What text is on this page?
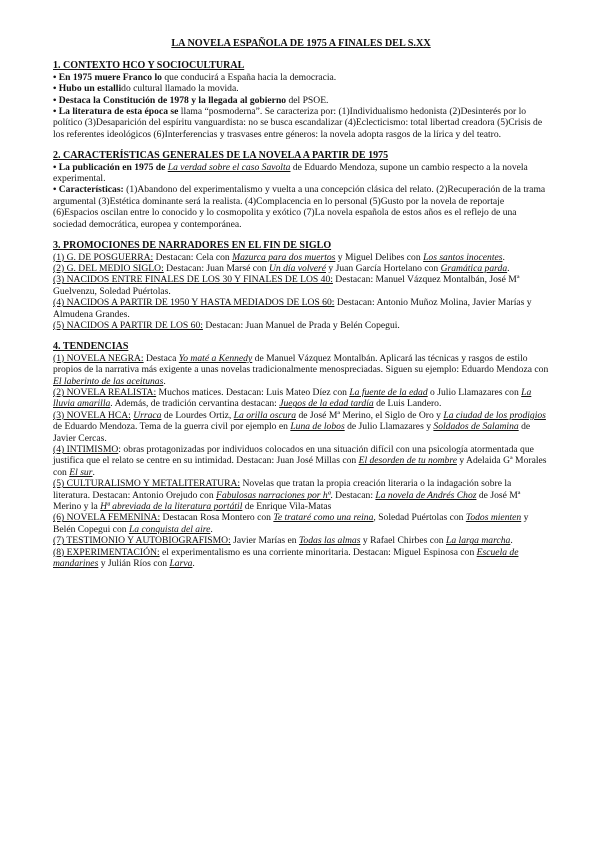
LA NOVELA ESPAÑOLA DE 1975 A FINALES DEL S.XX

1. CONTEXTO HCO Y SOCIOCULTURAL

• En 1975 muere Franco lo que conducirá a España hacia la democracia.

• Hubo un estallido cultural llamado la movida.

• Destaca la Constitución de 1978 y la llegada al gobierno del PSOE.

• La literatura de esta época se llama “posmoderna”. Se caracteriza por: (1)Individualismo hedonista (2)Desinterés por lo político (3)Desaparición del espíritu vanguardista: no se busca escandalizar (4)Eclecticismo: total libertad creadora (5)Crisis de los referentes ideológicos (6)Interferencias y trasvases entre géneros: la novela adopta rasgos de la lírica y del teatro.

2. CARACTERÍSTICAS GENERALES DE LA NOVELA A PARTIR DE 1975

• La publicación en 1975 de La verdad sobre el caso Savolta de Eduardo Mendoza, supone un cambio respecto a la novela experimental.

• Características: (1)Abandono del experimentalismo y vuelta a una concepción clásica del relato. (2)Recuperación de la trama argumental (3)Estética dominante será la realista. (4)Complacencia en lo personal (5)Gusto por la novela de reportaje (6)Espacios oscilan entre lo conocido y lo cosmopolita y exótico (7)La novela española de estos años es el reflejo de una sociedad democrática, europea y contemporánea.

3. PROMOCIONES DE NARRADORES EN EL FIN DE SIGLO

(1) G. DE POSGUERRA: Destacan: Cela con Mazurca para dos muertos y Miguel Delibes con Los santos inocentes.

(2) G. DEL MEDIO SIGLO: Destacan: Juan Marsé con Un día volveré y Juan García Hortelano con Gramática parda.

(3) NACIDOS ENTRE FINALES DE LOS 30 Y FINALES DE LOS 40: Destacan: Manuel Vázquez Montalbán, José Mª Guelvenzu, Soledad Puértolas.

(4) NACIDOS A PARTIR DE 1950 Y HASTA MEDIADOS DE LOS 60: Destacan: Antonio Muñoz Molina, Javier Marías y Almudena Grandes.

(5) NACIDOS A PARTIR DE LOS 60: Destacan: Juan Manuel de Prada y Belén Copegui.

4. TENDENCIAS

(1) NOVELA NEGRA: Destaca Yo maté a Kennedy de Manuel Vázquez Montalbán. Aplicará las técnicas y rasgos de estilo propios de la narrativa más exigente a unas novelas tradicionalmente menospreciadas. Siguen su ejemplo: Eduardo Mendoza con El laberinto de las aceitunas.

(2) NOVELA REALISTA: Muchos matices. Destacan: Luis Mateo Díez con La fuente de la edad o Julio Llamazares con La lluvia amarilla. Además, de tradición cervantina destacan: Juegos de la edad tardía de Luis Landero.

(3) NOVELA HCA: Urraca de Lourdes Ortiz, La orilla oscura de José Mª Merino, el Siglo de Oro y La ciudad de los prodigios de Eduardo Mendoza. Tema de la guerra civil por ejemplo en Luna de lobos de Julio Llamazares y Soldados de Salamina de Javier Cercas.

(4) INTIMISMO: obras protagonizadas por individuos colocados en una situación difícil con una psicología atormentada que justifica que el relato se centre en su intimidad. Destacan: Juan José Millas con El desorden de tu nombre y Adelaida Gª Morales con El sur.

(5) CULTURALISMO Y METALITERATURA: Novelas que tratan la propia creación literaria o la indagación sobre la literatura. Destacan: Antonio Orejudo con Fabulosas narraciones por hª. Destacan: La novela de Andrés Choz de José Mª Merino y la Hª abreviada de la literatura portátil de Enrique Vila-Matas

(6) NOVELA FEMENINA: Destacan Rosa Montero con Te trataré como una reina, Soledad Puértolas con Todos mienten y Belén Copegui con La conquista del aire.

(7) TESTIMONIO Y AUTOBIOGRAFISMO: Javier Marías en Todas las almas y Rafael Chirbes con La larga marcha.

(8) EXPERIMENTACIÓN: el experimentalismo es una corriente minoritaria. Destacan: Miguel Espinosa con Escuela de mandarines y Julián Ríos con Larva.
